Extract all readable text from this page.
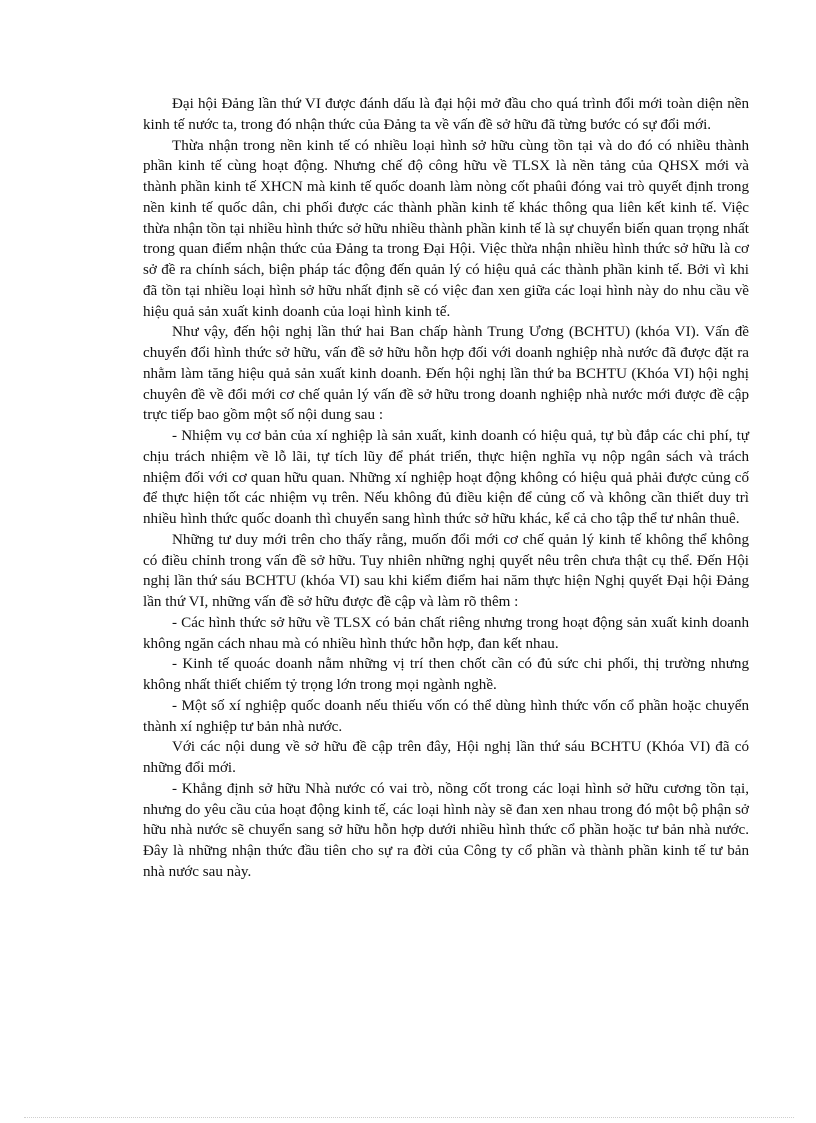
Đại hội Đảng lần thứ VI được đánh dấu là đại hội mở đầu cho quá trình đổi mới toàn diện nền kinh tế nước ta, trong đó nhận thức của Đảng ta về vấn đề sở hữu đã từng bước có sự đổi mới.

Thừa nhận trong nền kinh tế có nhiều loại hình sở hữu cùng tồn tại và do đó có nhiều thành phần kinh tế cùng hoạt động. Nhưng chế độ công hữu về TLSX là nền tảng của QHSX mới và thành phần kinh tế XHCN mà kinh tế quốc doanh làm nòng cốt phaûi đóng vai trò quyết định trong nền kinh tế quốc dân, chi phối được các thành phần kinh tế khác thông qua liên kết kinh tế. Việc thừa nhận tồn tại nhiều hình thức sở hữu nhiều thành phần kinh tế là sự chuyển biến quan trọng nhất trong quan điểm nhận thức của Đảng ta trong Đại Hội. Việc thừa nhận nhiều hình thức sở hữu là cơ sở đề ra chính sách, biện pháp tác động đến quản lý có hiệu quả các thành phần kinh tế. Bởi vì khi đã tồn tại nhiều loại hình sở hữu nhất định sẽ có việc đan xen giữa các loại hình này do nhu cầu về hiệu quả sản xuất kinh doanh của loại hình kinh tế.

Như vậy, đến hội nghị lần thứ hai Ban chấp hành Trung Ương (BCHTU) (khóa VI). Vấn đề chuyển đổi hình thức sở hữu, vấn đề sở hữu hỗn hợp đối với doanh nghiệp nhà nước đã được đặt ra nhằm làm tăng hiệu quả sản xuất kinh doanh. Đến hội nghị lần thứ ba BCHTU (Khóa VI) hội nghị chuyên đề về đổi mới cơ chế quản lý vấn đề sở hữu trong doanh nghiệp nhà nước mới được đề cập trực tiếp bao gồm một số nội dung sau :

- Nhiệm vụ cơ bản của xí nghiệp là sản xuất, kinh doanh có hiệu quả, tự bù đắp các chi phí, tự chịu trách nhiệm về lỗ lãi, tự tích lũy để phát triển, thực hiện nghĩa vụ nộp ngân sách và trách nhiệm đối với cơ quan hữu quan. Những xí nghiệp hoạt động không có hiệu quả phải được củng cố để thực hiện tốt các nhiệm vụ trên. Nếu không đủ điều kiện để củng cố và không cần thiết duy trì nhiều hình thức quốc doanh thì chuyển sang hình thức sở hữu khác, kể cả cho tập thể tư nhân thuê.

Những tư duy mới trên cho thấy rằng, muốn đổi mới cơ chế quản lý kinh tế không thể không có điều chỉnh trong vấn đề sở hữu. Tuy nhiên những nghị quyết nêu trên chưa thật cụ thể. Đến Hội nghị lần thứ sáu BCHTU (khóa VI) sau khi kiểm điểm hai năm thực hiện Nghị quyết Đại hội Đảng lần thứ VI, những vấn đề sở hữu được đề cập và làm rõ thêm :

- Các hình thức sở hữu về TLSX có bản chất riêng nhưng trong hoạt động sản xuất kinh doanh không ngăn cách nhau mà có nhiều hình thức hỗn hợp, đan kết nhau.

- Kinh tế quoác doanh nằm những vị trí then chốt cần có đủ sức chi phối, thị trường nhưng không nhất thiết chiếm tỷ trọng lớn trong mọi ngành nghề.

- Một số xí nghiệp quốc doanh nếu thiếu vốn có thể dùng hình thức vốn cổ phần hoặc chuyển thành xí nghiệp tư bản nhà nước.

Với các nội dung về sở hữu đề cập trên đây, Hội nghị lần thứ sáu BCHTU (Khóa VI) đã có những đổi mới.

- Khẳng định sở hữu Nhà nước có vai trò, nồng cốt trong các loại hình sở hữu cương tồn tại, nhưng do yêu cầu của hoạt động kinh tế, các loại hình này sẽ đan xen nhau trong đó một bộ phận sở hữu nhà nước sẽ chuyển sang sở hữu hỗn hợp dưới nhiều hình thức cổ phần hoặc tư bản nhà nước. Đây là những nhận thức đầu tiên cho sự ra đời của Công ty cổ phần và thành phần kinh tế tư bản nhà nước sau này.
